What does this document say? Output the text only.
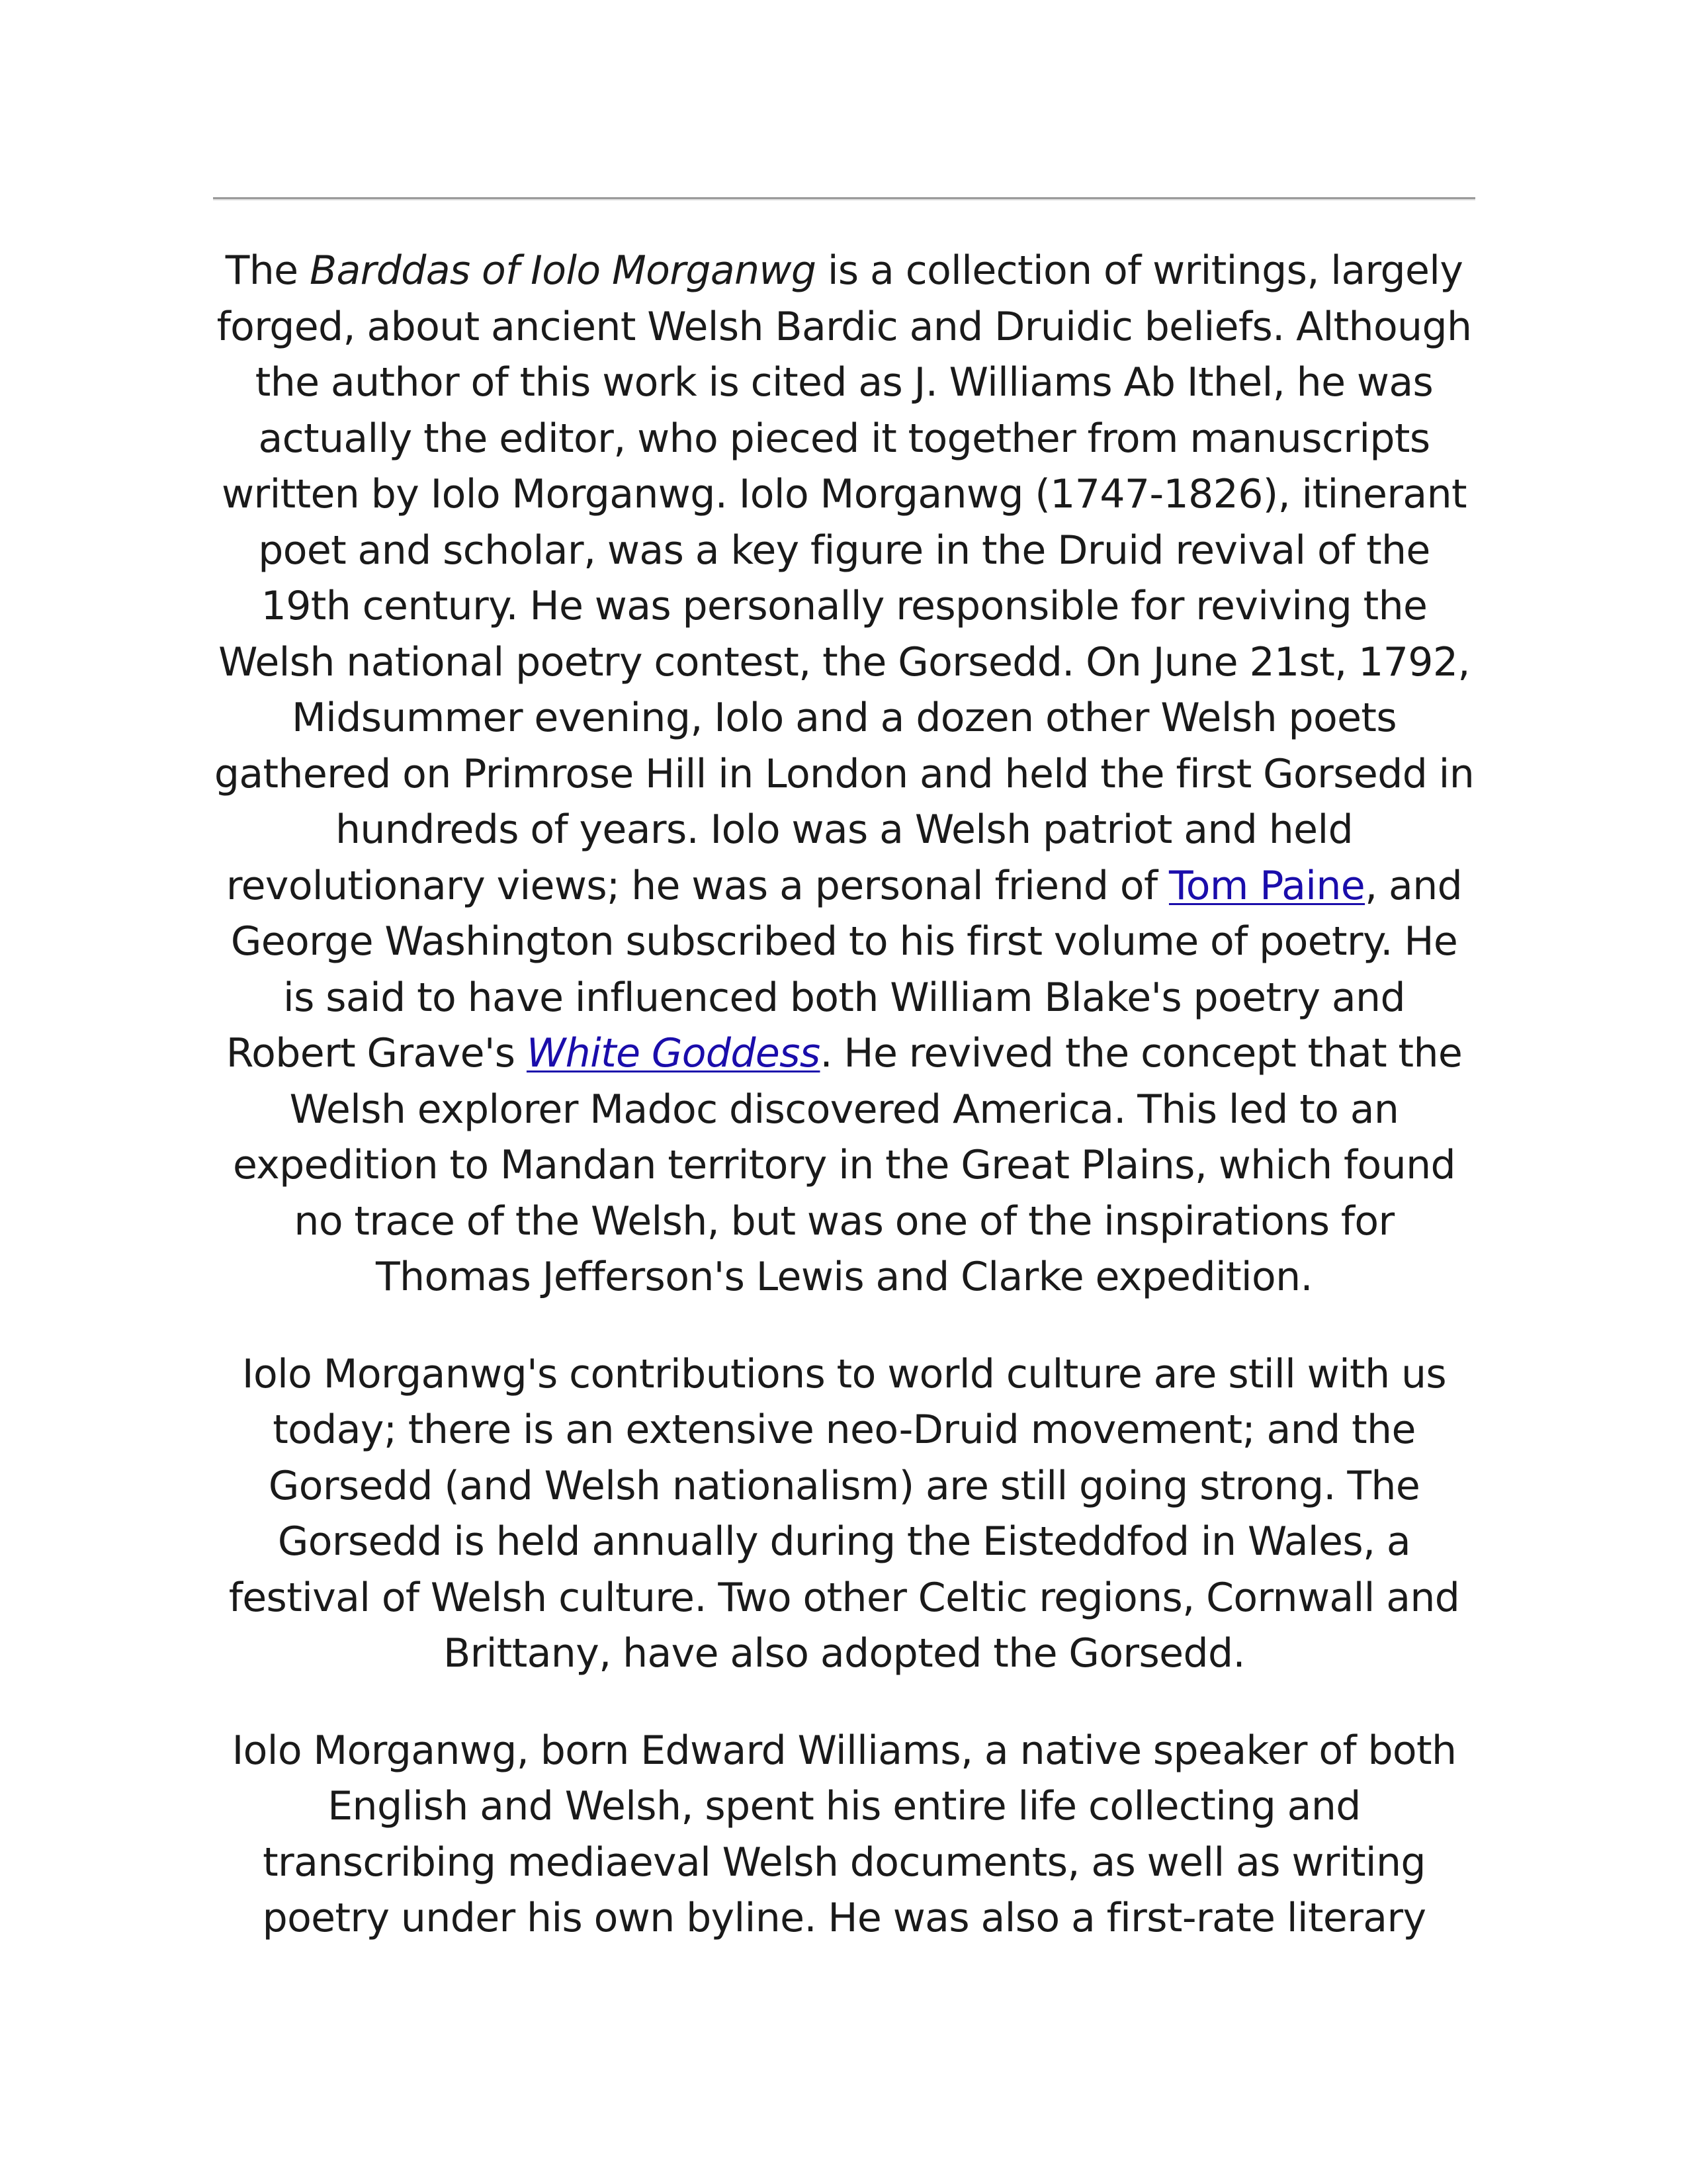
The Barddas of Iolo Morganwg is a collection of writings, largely forged, about ancient Welsh Bardic and Druidic beliefs. Although the author of this work is cited as J. Williams Ab Ithel, he was actually the editor, who pieced it together from manuscripts written by Iolo Morganwg. Iolo Morganwg (1747-1826), itinerant poet and scholar, was a key figure in the Druid revival of the 19th century. He was personally responsible for reviving the Welsh national poetry contest, the Gorsedd. On June 21st, 1792, Midsummer evening, Iolo and a dozen other Welsh poets gathered on Primrose Hill in London and held the first Gorsedd in hundreds of years. Iolo was a Welsh patriot and held revolutionary views; he was a personal friend of Tom Paine, and George Washington subscribed to his first volume of poetry. He is said to have influenced both William Blake's poetry and Robert Grave's White Goddess. He revived the concept that the Welsh explorer Madoc discovered America. This led to an expedition to Mandan territory in the Great Plains, which found no trace of the Welsh, but was one of the inspirations for Thomas Jefferson's Lewis and Clarke expedition.

Iolo Morganwg's contributions to world culture are still with us today; there is an extensive neo-Druid movement; and the Gorsedd (and Welsh nationalism) are still going strong. The Gorsedd is held annually during the Eisteddfod in Wales, a festival of Welsh culture. Two other Celtic regions, Cornwall and Brittany, have also adopted the Gorsedd.

Iolo Morganwg, born Edward Williams, a native speaker of both English and Welsh, spent his entire life collecting and transcribing mediaeval Welsh documents, as well as writing poetry under his own byline. He was also a first-rate literary
